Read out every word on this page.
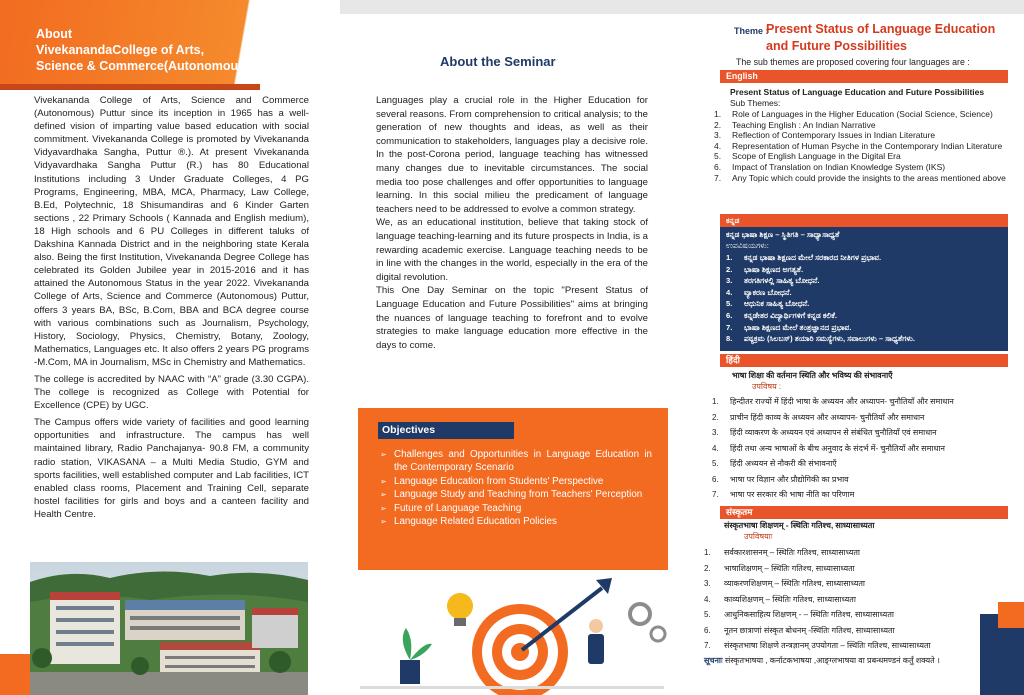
About
VivekanandaCollege of Arts,
Science & Commerce(Autonomous)

Vivekananda College of Arts, Science and Commerce (Autonomous) Puttur since its inception in 1965 has a well-defined vision of imparting value based education with social commitment. Vivekananda College is promoted by Vivekananda Vidyavardhaka Sangha, Puttur ®.). At present Vivekananda Vidyavardhaka Sangha Puttur (R.) has 80 Educational Institutions including 3 Under Graduate Colleges, 4 PG Programs, Engineering, MBA, MCA, Pharmacy, Law College, B.Ed, Polytechnic, 18 Shisumandiras and 6 Kinder Garten sections , 22 Primary Schools ( Kannada and English medium), 18 High schools and 6 PU Colleges in different taluks of Dakshina Kannada District and in the neighboring state Kerala also. Being the first Institution, Vivekananda Degree College has celebrated its Golden Jubilee year in 2015-2016 and it has attained the Autonomous Status in the year 2022. Vivekananda College of Arts, Science and Commerce (Autonomous) Puttur, offers 3 years BA, BSc, B.Com, BBA and BCA degree course with various combinations such as Journalism, Psychology, History, Sociology, Physics, Chemistry, Botany, Zoology, Mathematics, Languages etc. It also offers 2 years PG programs -M.Com, MA in Journalism, MSc in Chemistry and Mathematics.

The college is accredited by NAAC with “A” grade (3.30 CGPA). The college is recognized as College with Potential for Excellence (CPE) by UGC.

The Campus offers wide variety of facilities and good learning opportunities and infrastructure. The campus has well maintained library, Radio Panchajanya- 90.8 FM, a community radio station, VIKASANA – a Multi Media Studio, GYM and sports facilities, well established computer and Lab facilities, ICT enabled class rooms, Placement and Training Cell, separate hostel facilities for girls and boys and a canteen facility and Health Centre.

About the Seminar

Languages play a crucial role in the Higher Education for several reasons. From comprehension to critical analysis; to the generation of new thoughts and ideas, as well as their communication to stakeholders, languages play a decisive role. In the post-Corona period, language teaching has witnessed many changes due to inevitable circumstances. The social media too pose challenges and offer opportunities to language learning. In this social milieu the predicament of language teachers need to be addressed to evolve a common strategy.

We, as an educational institution, believe that taking stock of language teaching-learning and its future prospects in India, is a rewarding academic exercise. Language teaching needs to be in line with the changes in the world, especially in the era of the digital revolution.

This One Day Seminar on the topic "Present Status of Language Education and Future Possibilities" aims at bringing the nuances of language teaching to forefront and to evolve strategies to make language education more effective in the days to come.

Objectives
➢ Challenges and Opportunities in Language Education in the Contemporary Scenario
➢ Language Education from Students' Perspective
➢ Language Study and Teaching from Teachers' Perception
➢ Future of Language Teaching
➢ Language Related Education Policies
Theme :
Present Status of Language Education
and Future Possibilities
The sub themes are proposed covering four languages are :
English
Present Status of Language Education and Future Possibilities
Sub Themes:
1. Role of Languages in the Higher Education (Social Science, Science)
2. Teaching English : An Indian Narrative
3. Reflection of Contemporary Issues in Indian Literature
4. Representation of Human Psyche in the Contemporary Indian Literature
5. Scope of English Language in the Digital Era
6. Impact of Translation on Indian Knowledge System (IKS)
7. Any Topic which could provide the insights to the areas mentioned above
ಕನ್ನಡ
ಕನ್ನಡ ಭಾಷಾ ಶಿಕ್ಷಣ – ಸ್ಥಿತಿಗತಿ – ಸಾಧ್ಯಾಸಾಧ್ಯತೆ
ಉಪವಿಷಯಗಳು:
1. ಕನ್ನಡ ಭಾಷಾ ಶಿಕ್ಷಣದ ಮೇಲೆ ಸರಕಾರದ ನೀತಿಗಳ ಪ್ರಭಾವ.
2. ಭಾಷಾ ಶಿಕ್ಷಣದ ಅಗತ್ಯತೆ.
3. ತರಗತಿಗಳಲ್ಲಿ ಸಾಹಿತ್ಯ ಬೋಧನೆ.
4. ವ್ಯಾಕರಣ ಬೋಧನೆ.
5. ಆಧುನಿಕ ಸಾಹಿತ್ಯ ಬೋಧನೆ.
6. ಕನ್ನಡೇತರ ವಿದ್ಯಾರ್ಥಿಗಳಿಗೆ ಕನ್ನಡ ಕಲಿಕೆ.
7. ಭಾಷಾ ಶಿಕ್ಷಣದ ಮೇಲೆ ತಂತ್ರಜ್ಞಾನದ ಪ್ರಭಾವ.
8. ಪಠ್ಯಕ್ರಮ (ಸಿಲಬಸ್) ತಯಾರಿ ಸಮಸ್ಯೆಗಳು, ಸವಾಲುಗಳು – ಸಾಧ್ಯತೆಗಳು.
हिंदी
भाषा शिक्षा की वर्तमान स्थिति और भविष्य की संभावनाएँ
उपविषय :
1. हिन्दीतर राज्यों में हिंदी भाषा के अध्ययन और अध्यापन- चुनौतियाँ और समाधान
2. प्राचीन हिंदी काव्य के अध्ययन और अध्यापन- चुनौतियाँ और समाधान
3. हिंदी व्याकरण के अध्ययन एवं अध्यापन से संबंधित चुनौतियाँ एवं समाधान
4. हिंदी तथा अन्य भाषाओं के बीच अनुवाद के संदर्भ में- चुनौतियाँ और समाधान
5. हिंदी अध्ययन से नौकरी की संभावनाएँ
6. भाषा पर विज्ञान और प्रौद्योगिकी का प्रभाव
7. भाषा पर सरकार की भाषा नीति का परिणाम
संस्कृतम
संस्कृतभाषा शिक्षणम् - स्थितिः गतिश्च, साध्यासाध्यता
उपविषयाः
1. सर्वकारशासनम् – स्थितिः गतिश्च, साध्यासाध्यता
2. भाषाशिक्षणम् – स्थितिः गतिश्च, साध्यासाध्यता
3. व्याकरणशिक्षणम् – स्थितिः गतिश्च, साध्यासाध्यता
4. काव्यशिक्षणम् – स्थितिः गतिश्च, साध्यासाध्यता
5. आधुनिकसाहित्य शिक्षणम् - – स्थितिः गतिश्च, साध्यासाध्यता
6. नूतन छात्राणां संस्कृत बोधनम् -स्थितिः गतिश्च, साध्यासाध्यता
7. संस्कृतभाषा शिक्षणे तन्त्रज्ञानम् उपयोगता – स्थितिः गतिश्च, साध्यासाध्यता
सूचनाः संस्कृतभाषया , कर्नाटकभाषया ,आङ्ग्लभाषया वा प्रबन्धमण्डनं कर्तुं शक्यते ।
